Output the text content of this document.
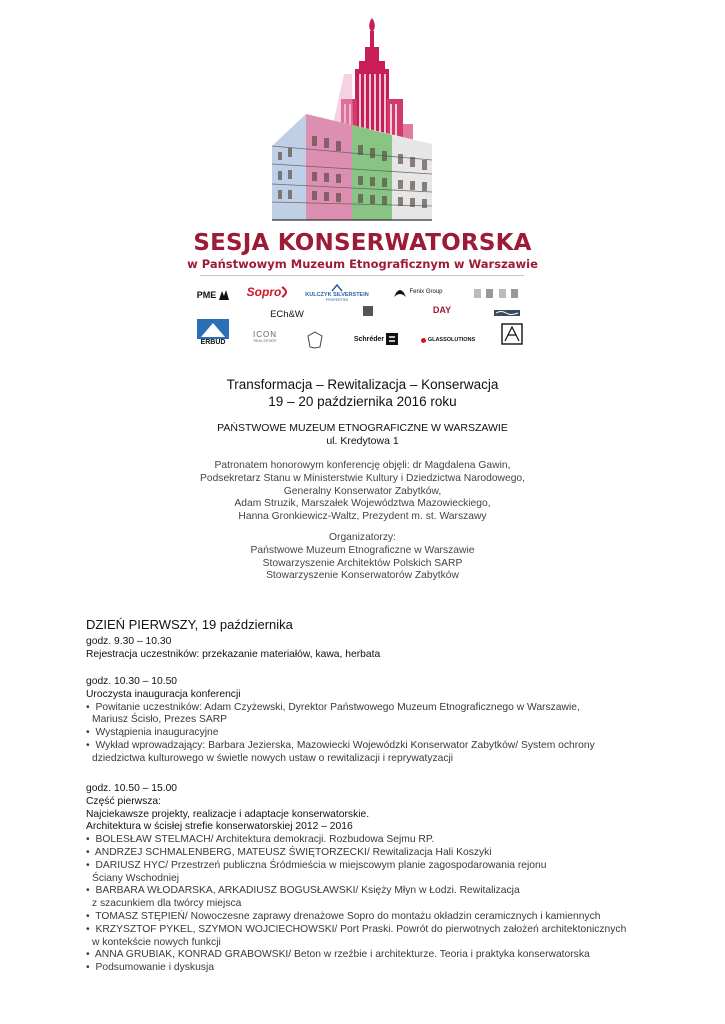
SESJA KONSERWATORSKA
w Państwowym Muzeum Etnograficznym w Warszawie
PME	Sopro	KULCZYK SILVERSTEIN
PROPERTIES
Fenix Group
ECh&W	DAY
ERBUD
ICON
REAL ESTATE	Schréder	GLASSOLUTIONS
Transformacja – Rewitalizacja – Konserwacja
19 – 20 października 2016 roku
PAŃSTWOWE MUZEUM ETNOGRAFICZNE W WARSZAWIE
ul. Kredytowa 1
Patronatem honorowym konferencję objęli: dr Magdalena Gawin,
Podsekretarz Stanu w Ministerstwie Kultury i Dziedzictwa Narodowego,
Generalny Konserwator Zabytków,
Adam Struzik, Marszałek Województwa Mazowieckiego,
Hanna Gronkiewicz-Waltz, Prezydent m. st. Warszawy
Organizatorzy:
Państwowe Muzeum Etnograficzne w Warszawie
Stowarzyszenie Architektów Polskich SARP
Stowarzyszenie Konserwatorów Zabytków
DZIEŃ PIERWSZY, 19 października
godz. 9.30 – 10.30
Rejestracja uczestników: przekazanie materiałów, kawa, herbata
godz. 10.30 – 10.50
Uroczysta inauguracja konferencji
• Powitanie uczestników: Adam Czyżewski, Dyrektor Państwowego Muzeum Etnograficznego w Warszawie,
Mariusz Ścisło, Prezes SARP
• Wystąpienia inauguracyjne
• Wykład wprowadzający: Barbara Jezierska, Mazowiecki Wojewódzki Konserwator Zabytków/ System ochrony
dziedzictwa kulturowego w świetle nowych ustaw o rewitalizacji i reprywatyzacji
godz. 10.50 – 15.00
Część pierwsza:
Najciekawsze projekty, realizacje i adaptacje konserwatorskie.
Architektura w ścisłej strefie konserwatorskiej 2012 – 2016
• BOLESŁAW STELMACH/ Architektura demokracji. Rozbudowa Sejmu RP.
• ANDRZEJ SCHMALENBERG, MATEUSZ ŚWIĘTORZECKI/ Rewitalizacja Hali Koszyki
• DARIUSZ HYC/ Przestrzeń publiczna Śródmieścia w miejscowym planie zagospodarowania rejonu
Ściany Wschodniej
• BARBARA WŁODARSKA, ARKADIUSZ BOGUSŁAWSKI/ Księży Młyn w Łodzi. Rewitalizacja
z szacunkiem dla twórcy miejsca
• TOMASZ STĘPIEŃ/ Nowoczesne zaprawy drenażowe Sopro do montażu okładzin ceramicznych i kamiennych
• KRZYSZTOF PYKEL, SZYMON WOJCIECHOWSKI/ Port Praski. Powrót do pierwotnych założeń architektonicznych
w kontekście nowych funkcji
• ANNA GRUBIAK, KONRAD GRABOWSKI/ Beton w rzeźbie i architekturze. Teoria i praktyka konserwatorska
• Podsumowanie i dyskusja
